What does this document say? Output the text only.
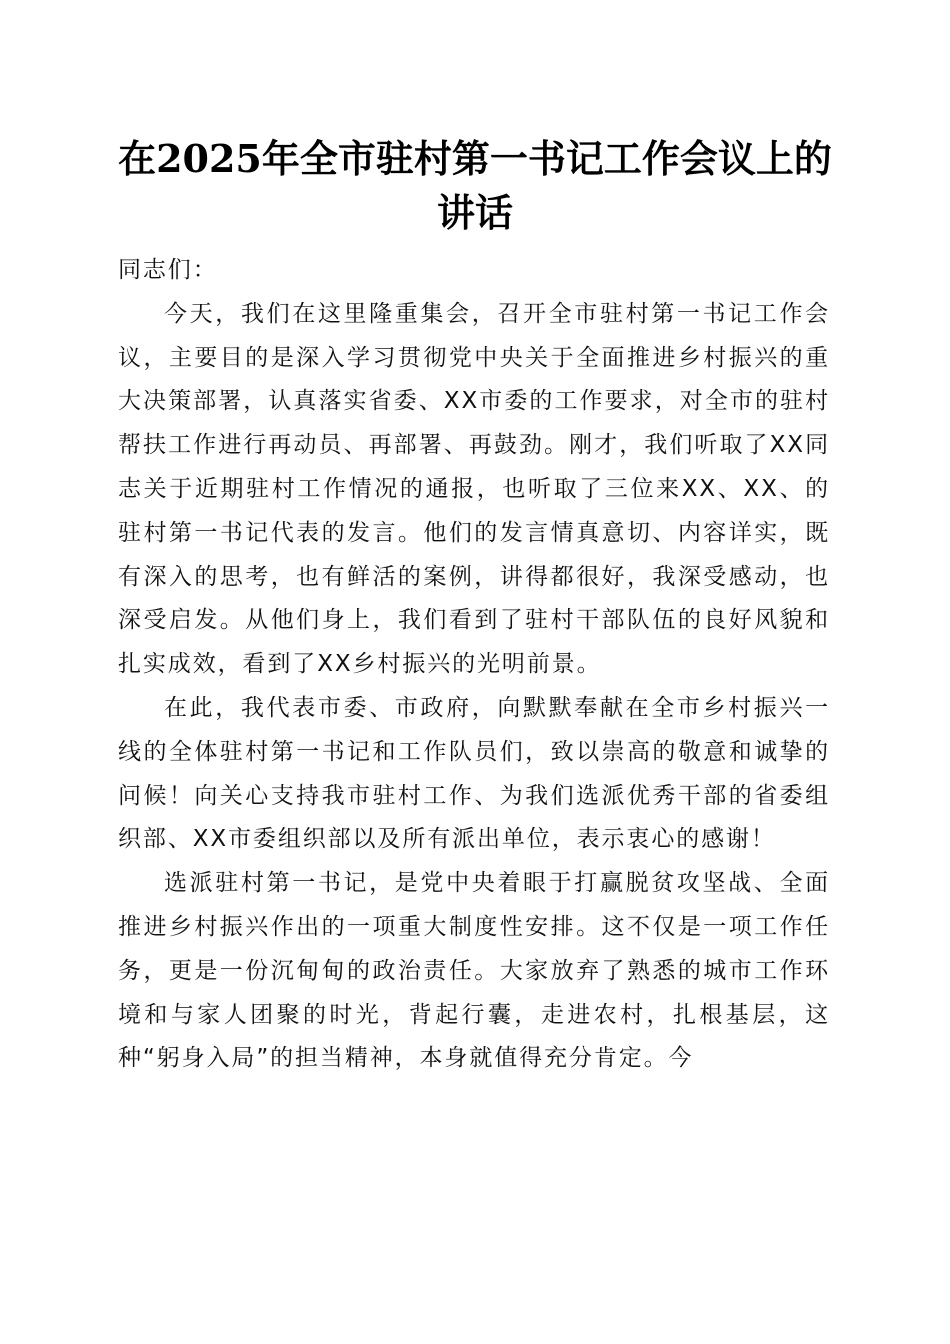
在2025年全市驻村第一书记工作会议上的讲话

同志们：

今天，我们在这里隆重集会，召开全市驻村第一书记工作会议，主要目的是深入学习贯彻党中央关于全面推进乡村振兴的重大决策部署，认真落实省委、XX市委的工作要求，对全市的驻村帮扶工作进行再动员、再部署、再鼓劲。刚才，我们听取了XX同志关于近期驻村工作情况的通报，也听取了三位来XX、XX、的驻村第一书记代表的发言。他们的发言情真意切、内容详实，既有深入的思考，也有鲜活的案例，讲得都很好，我深受感动，也深受启发。从他们身上，我们看到了驻村干部队伍的良好风貌和扎实成效，看到了XX乡村振兴的光明前景。

在此，我代表市委、市政府，向默默奉献在全市乡村振兴一线的全体驻村第一书记和工作队员们，致以崇高的敬意和诚挚的问候！向关心支持我市驻村工作、为我们选派优秀干部的省委组织部、XX市委组织部以及所有派出单位，表示衷心的感谢！

选派驻村第一书记，是党中央着眼于打赢脱贫攻坚战、全面推进乡村振兴作出的一项重大制度性安排。这不仅是一项工作任务，更是一份沉甸甸的政治责任。大家放弃了熟悉的城市工作环境和与家人团聚的时光，背起行囊，走进农村，扎根基层，这种“躬身入局”的担当精神，本身就值得充分肯定。今
